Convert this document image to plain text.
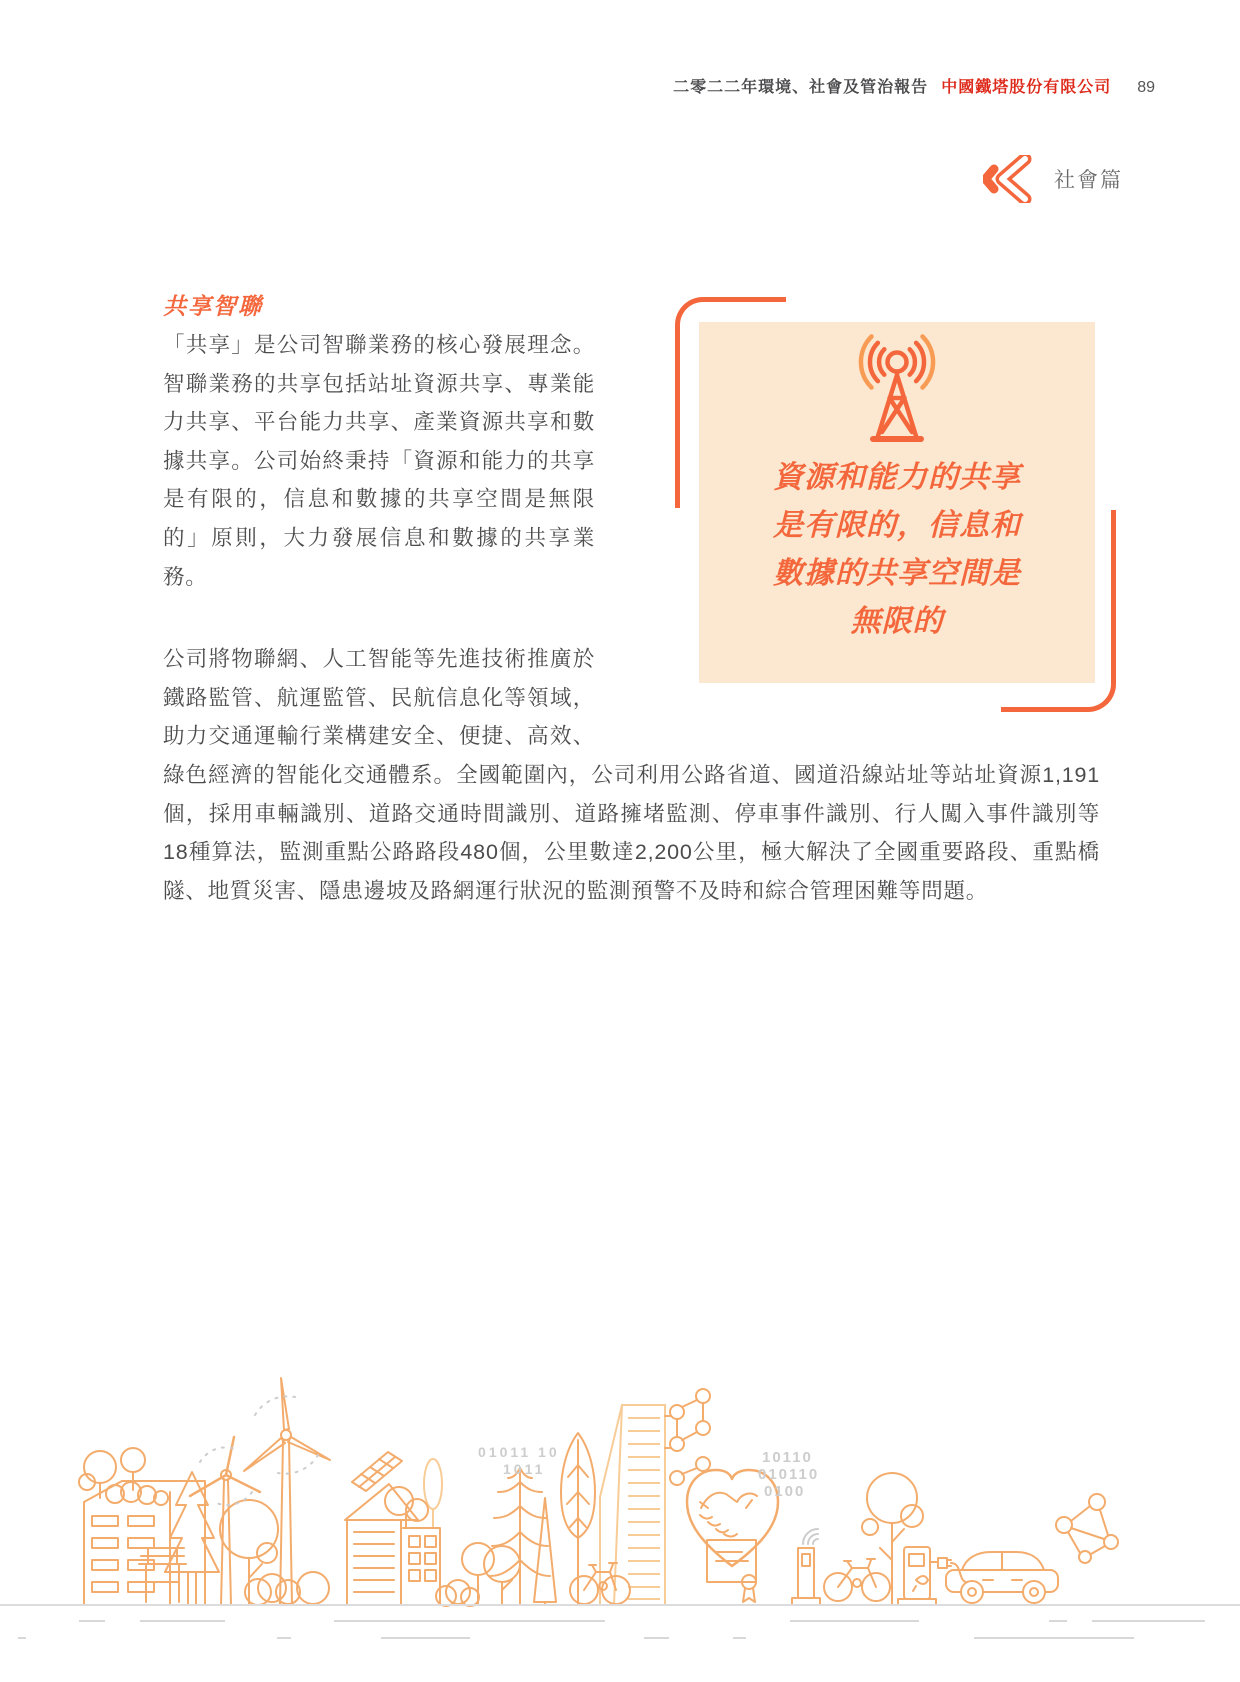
二零二二年環境、社會及管治報告 中國鐵塔股份有限公司 89
社會篇
共享智聯
資源和能力的共享是有限的，信息和數據的共享空間是無限的

「共享」是公司智聯業務的核心發展理念。智聯業務的共享包括站址資源共享、專業能力共享、平台能力共享、產業資源共享和數據共享。公司始終秉持「資源和能力的共享是有限的，信息和數據的共享空間是無限的」原則，大力發展信息和數據的共享業務。

公司將物聯網、人工智能等先進技術推廣於鐵路監管、航運監管、民航信息化等領域，助力交通運輸行業構建安全、便捷、高效、綠色經濟的智能化交通體系。全國範圍內，公司利用公路省道、國道沿線站址等站址資源1,191個，採用車輛識別、道路交通時間識別、道路擁堵監測、停車事件識別、行人闖入事件識別等18種算法，監測重點公路路段480個，公里數達2,200公里，極大解決了全國重要路段、重點橋隧、地質災害、隱患邊坡及路網運行狀況的監測預警不及時和綜合管理困難等問題。

01011 10
1011
10110
010110
0100
